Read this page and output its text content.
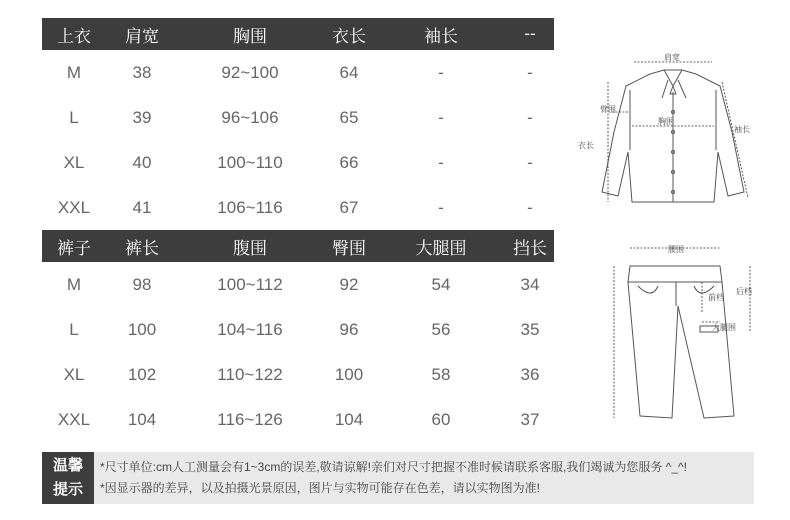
上衣	肩宽	胸围	衣长	袖长	--
M	38	92~100	64	-	-
L	39	96~106	65	-	-
XL	40	100~110	66	-	-
XXL	41	106~116	67	-	-
裤子	裤长	腹围	臀围	大腿围	挡长
M	98	100~112	92	54	34
L	100	104~116	96	56	35
XL	102	110~122	100	58	36
XXL	104	116~126	104	60	37
肩宽
臂围
胸围
衣长
袖长
腰围
前档
后档
大腿围
温馨
提示
*尺寸单位:cm人工测量会有1~3cm的误差,敬请谅解!亲们对尺寸把握不准时候请联系客服,我们竭诚为您服务 ^_^!
*因显示器的差异，以及拍摄光景原因，图片与实物可能存在色差，请以实物图为准!
